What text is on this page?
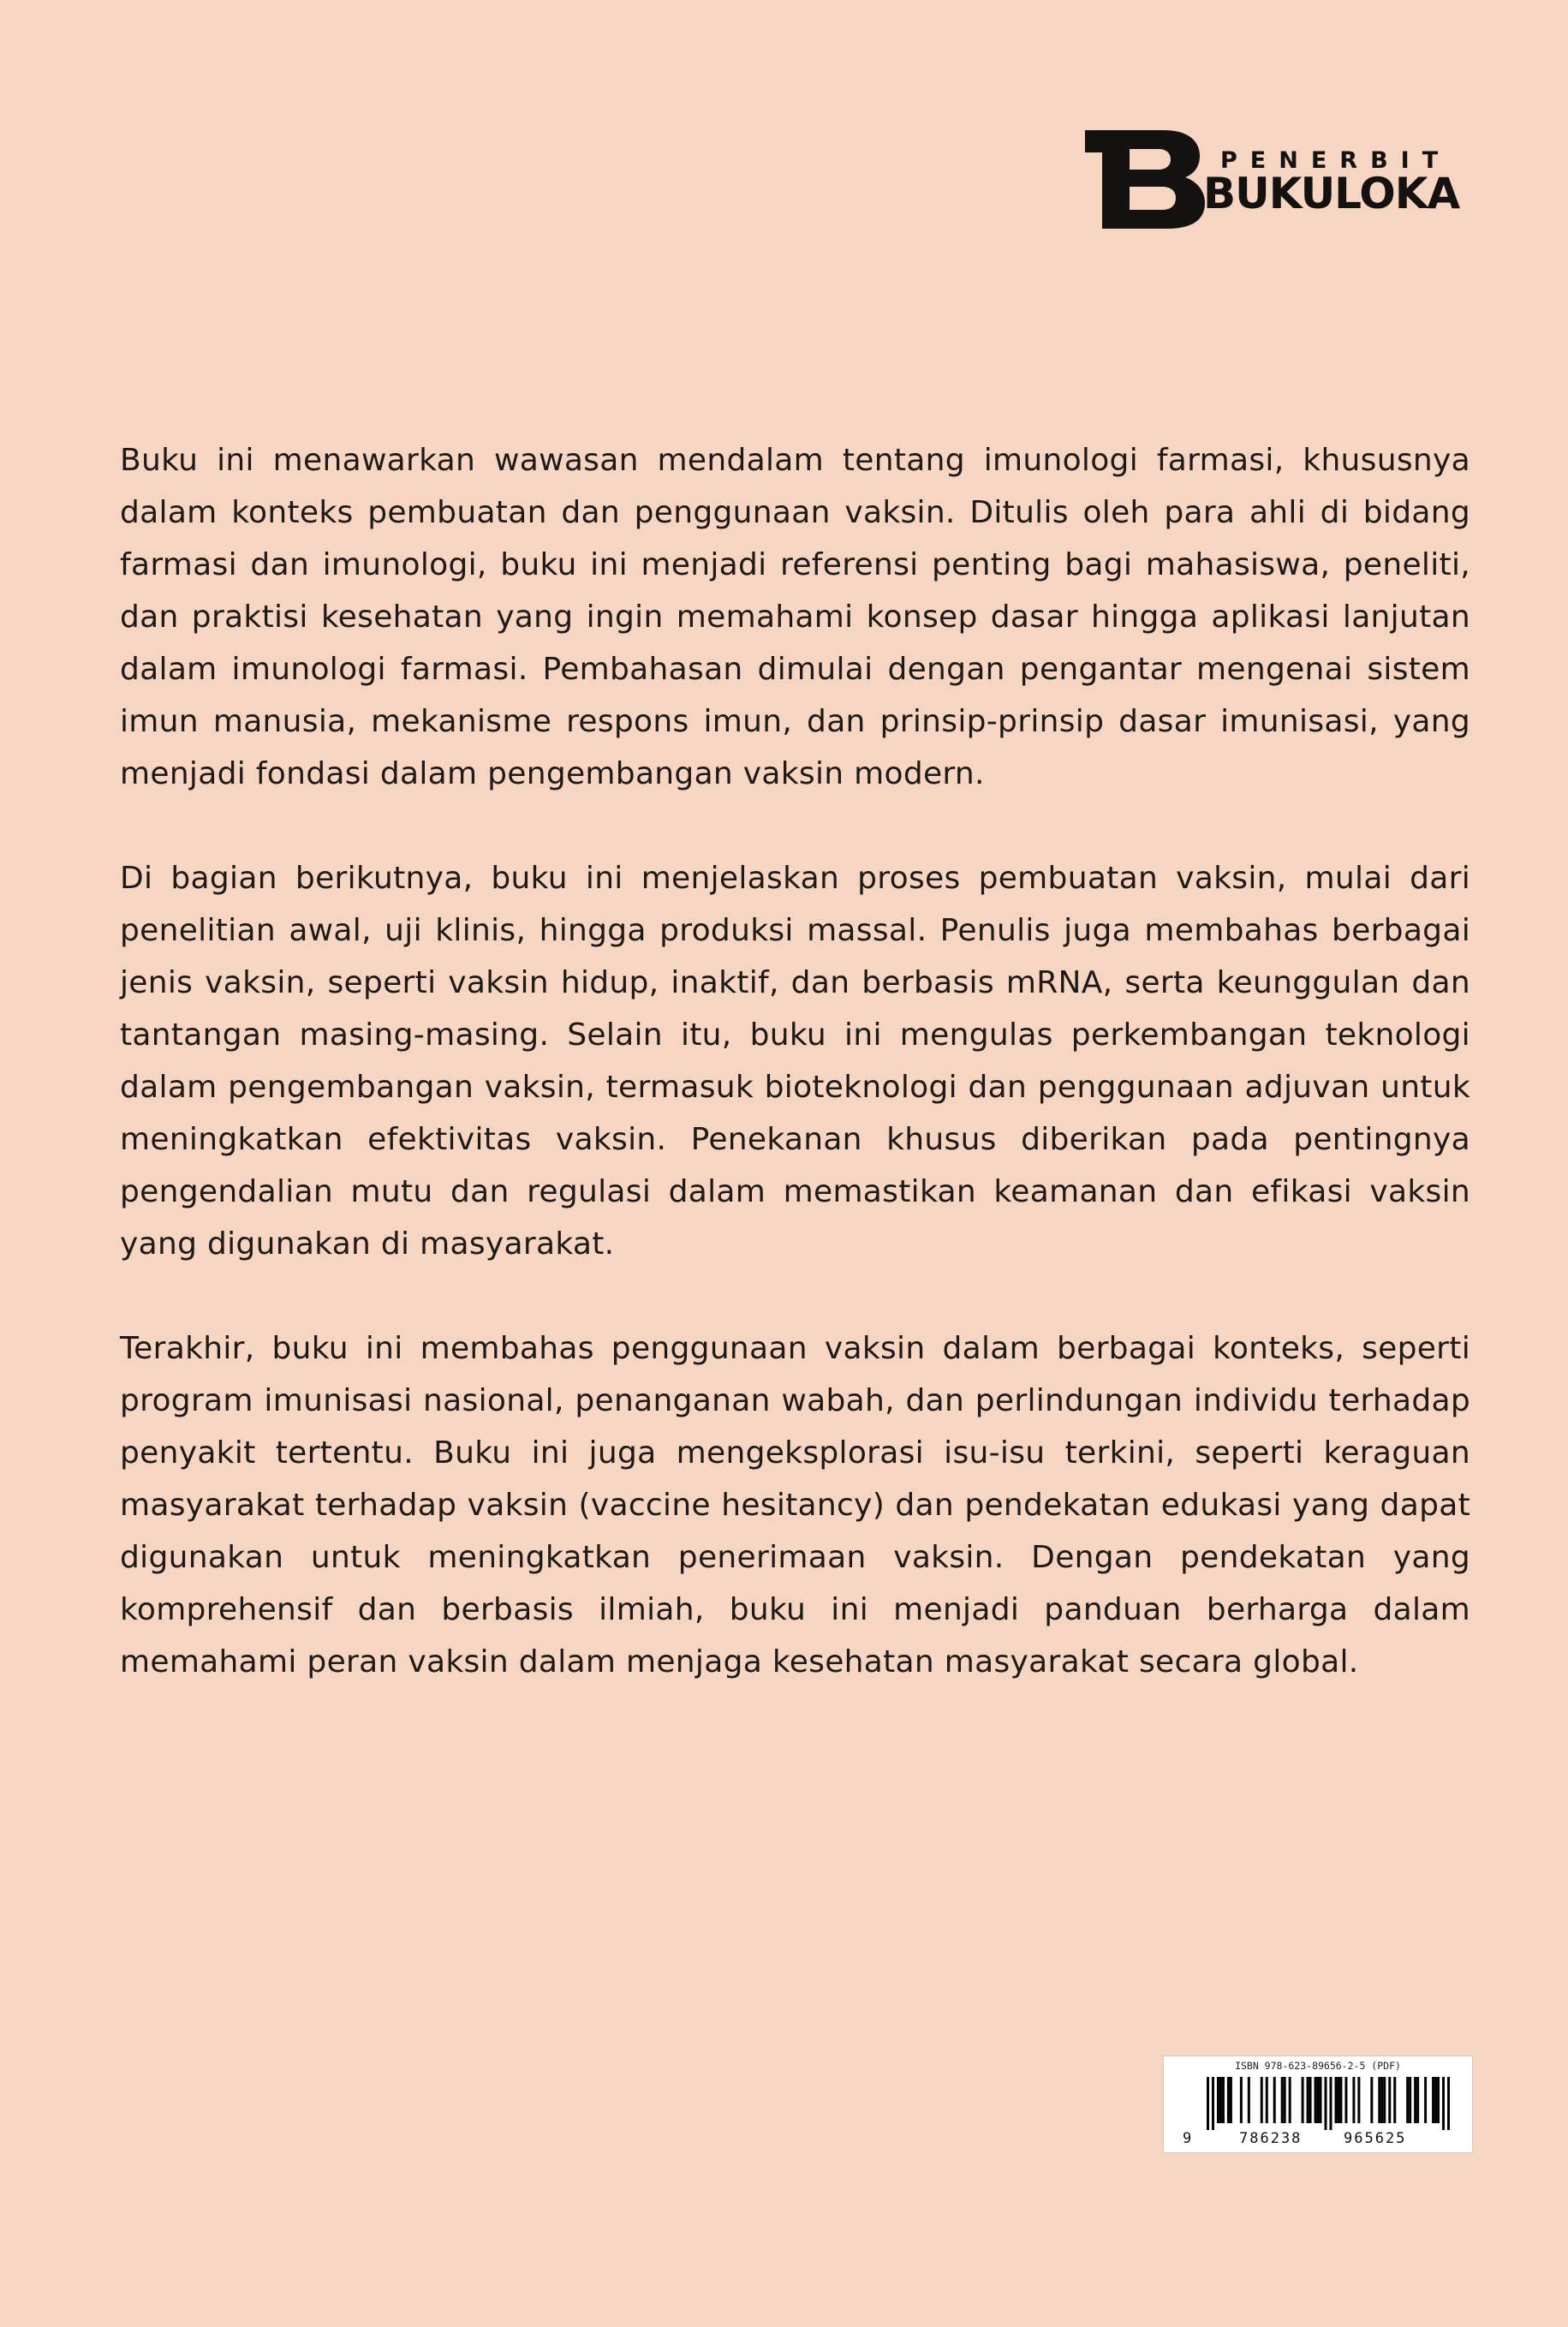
PENERBIT
BUKULOKA

Buku ini menawarkan wawasan mendalam tentang imunologi farmasi, khususnya dalam konteks pembuatan dan penggunaan vaksin. Ditulis oleh para ahli di bidang farmasi dan imunologi, buku ini menjadi referensi penting bagi mahasiswa, peneliti, dan praktisi kesehatan yang ingin memahami konsep dasar hingga aplikasi lanjutan dalam imunologi farmasi. Pembahasan dimulai dengan pengantar mengenai sistem imun manusia, mekanisme respons imun, dan prinsip-prinsip dasar imunisasi, yang menjadi fondasi dalam pengembangan vaksin modern.

Di bagian berikutnya, buku ini menjelaskan proses pembuatan vaksin, mulai dari penelitian awal, uji klinis, hingga produksi massal. Penulis juga membahas berbagai jenis vaksin, seperti vaksin hidup, inaktif, dan berbasis mRNA, serta keunggulan dan tantangan masing-masing. Selain itu, buku ini mengulas perkembangan teknologi dalam pengembangan vaksin, termasuk bioteknologi dan penggunaan adjuvan untuk meningkatkan efektivitas vaksin. Penekanan khusus diberikan pada pentingnya pengendalian mutu dan regulasi dalam memastikan keamanan dan efikasi vaksin yang digunakan di masyarakat.

Terakhir, buku ini membahas penggunaan vaksin dalam berbagai konteks, seperti program imunisasi nasional, penanganan wabah, dan perlindungan individu terhadap penyakit tertentu. Buku ini juga mengeksplorasi isu-isu terkini, seperti keraguan masyarakat terhadap vaksin (vaccine hesitancy) dan pendekatan edukasi yang dapat digunakan untuk meningkatkan penerimaan vaksin. Dengan pendekatan yang komprehensif dan berbasis ilmiah, buku ini menjadi panduan berharga dalam memahami peran vaksin dalam menjaga kesehatan masyarakat secara global.

ISBN 978-623-89656-2-5 (PDF)
9	786238	965625
